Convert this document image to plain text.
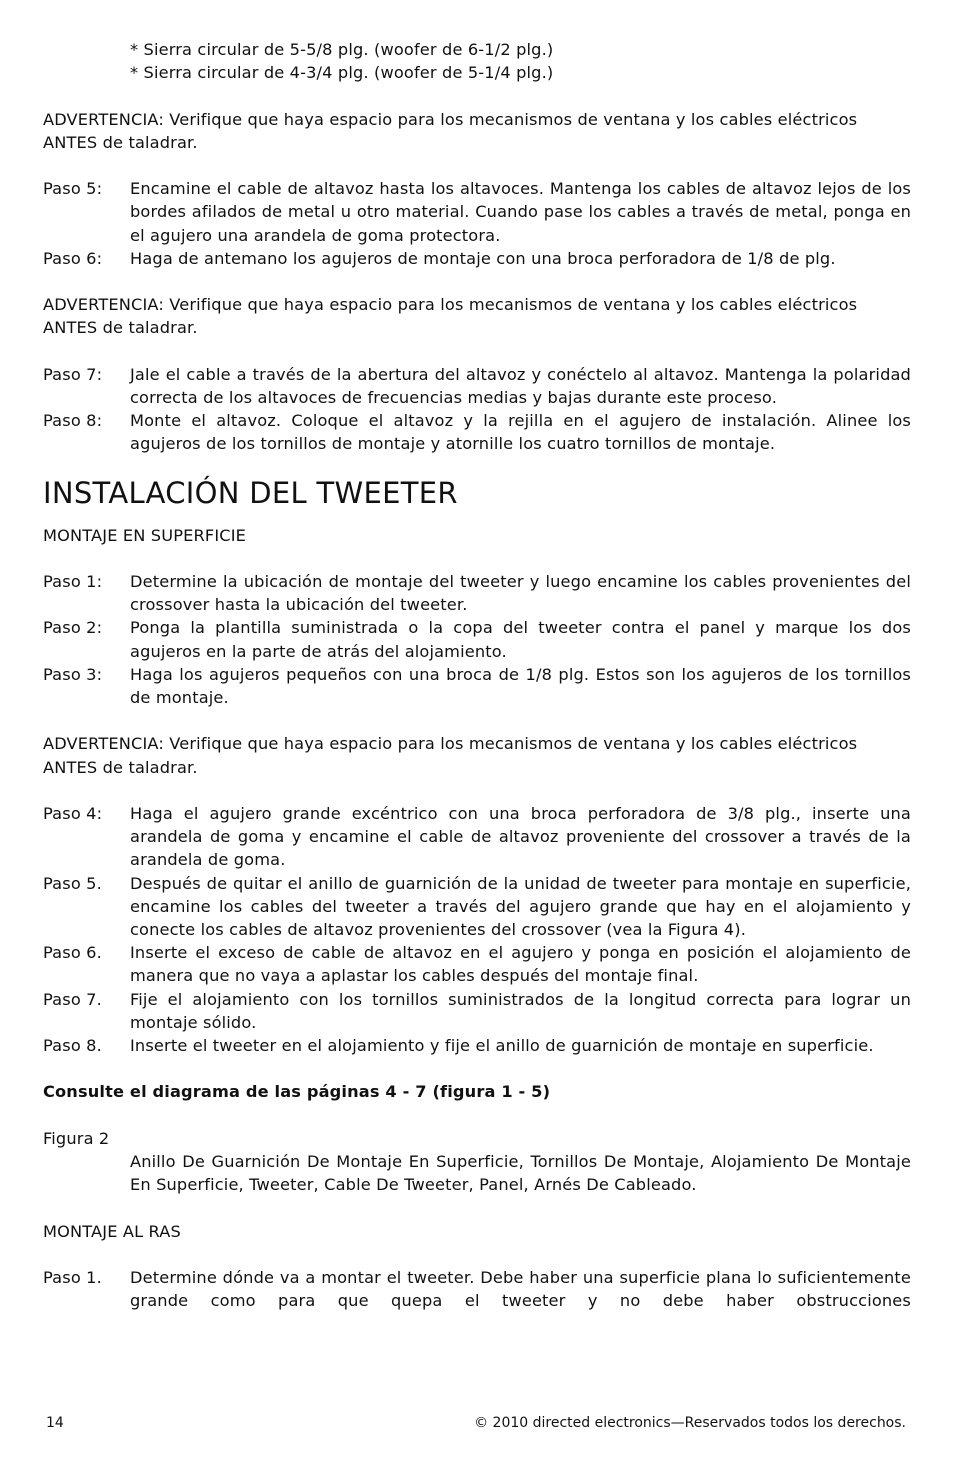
* Sierra circular de 5-5/8 plg. (woofer de 6-1/2 plg.)

* Sierra circular de 4-3/4 plg. (woofer de 5-1/4 plg.)

ADVERTENCIA: Verifique que haya espacio para los mecanismos de ventana y los cables eléctricos ANTES de taladrar.

Paso 5:	Encamine el cable de altavoz hasta los altavoces. Mantenga los cables de altavoz lejos de los bordes afilados de metal u otro material. Cuando pase los cables a través de metal, ponga en el agujero una arandela de goma protectora.
Paso 6:	Haga de antemano los agujeros de montaje con una broca perforadora de 1/8 de plg.

ADVERTENCIA: Verifique que haya espacio para los mecanismos de ventana y los cables eléctricos ANTES de taladrar.

Paso 7:	Jale el cable a través de la abertura del altavoz y conéctelo al altavoz. Mantenga la polaridad correcta de los altavoces de frecuencias medias y bajas durante este proceso.
Paso 8:	Monte el altavoz. Coloque el altavoz y la rejilla en el agujero de instalación. Alinee los agujeros de los tornillos de montaje y atornille los cuatro tornillos de montaje.
INSTALACIÓN DEL TWEETER

MONTAJE EN SUPERFICIE

Paso 1:	Determine la ubicación de montaje del tweeter y luego encamine los cables provenientes del crossover hasta la ubicación del tweeter.
Paso 2:	Ponga la plantilla suministrada o la copa del tweeter contra el panel y marque los dos agujeros en la parte de atrás del alojamiento.
Paso 3:	Haga los agujeros pequeños con una broca de 1/8 plg. Estos son los agujeros de los tornillos de montaje.

ADVERTENCIA: Verifique que haya espacio para los mecanismos de ventana y los cables eléctricos ANTES de taladrar.

Paso 4:	Haga el agujero grande excéntrico con una broca perforadora de 3/8 plg., inserte una arandela de goma y encamine el cable de altavoz proveniente del crossover a través de la arandela de goma.
Paso 5.	Después de quitar el anillo de guarnición de la unidad de tweeter para montaje en superficie, encamine los cables del tweeter a través del agujero grande que hay en el alojamiento y conecte los cables de altavoz provenientes del crossover (vea la Figura 4).
Paso 6.	Inserte el exceso de cable de altavoz en el agujero y ponga en posición el alojamiento de manera que no vaya a aplastar los cables después del montaje final.
Paso 7.	Fije el alojamiento con los tornillos suministrados de la longitud correcta para lograr un montaje sólido.
Paso 8.	Inserte el tweeter en el alojamiento y fije el anillo de guarnición de montaje en superficie.

Consulte el diagrama de las páginas 4 - 7 (figura 1 - 5)

Figura 2

Anillo De Guarnición De Montaje En Superficie, Tornillos De Montaje, Alojamiento De Montaje En Superficie, Tweeter, Cable De Tweeter, Panel, Arnés De Cableado.

MONTAJE AL RAS

Paso 1.	Determine dónde va a montar el tweeter. Debe haber una superficie plana lo suficientemente grande como para que quepa el tweeter y no debe haber obstrucciones
14	© 2010 directed electronics—Reservados todos los derechos.
